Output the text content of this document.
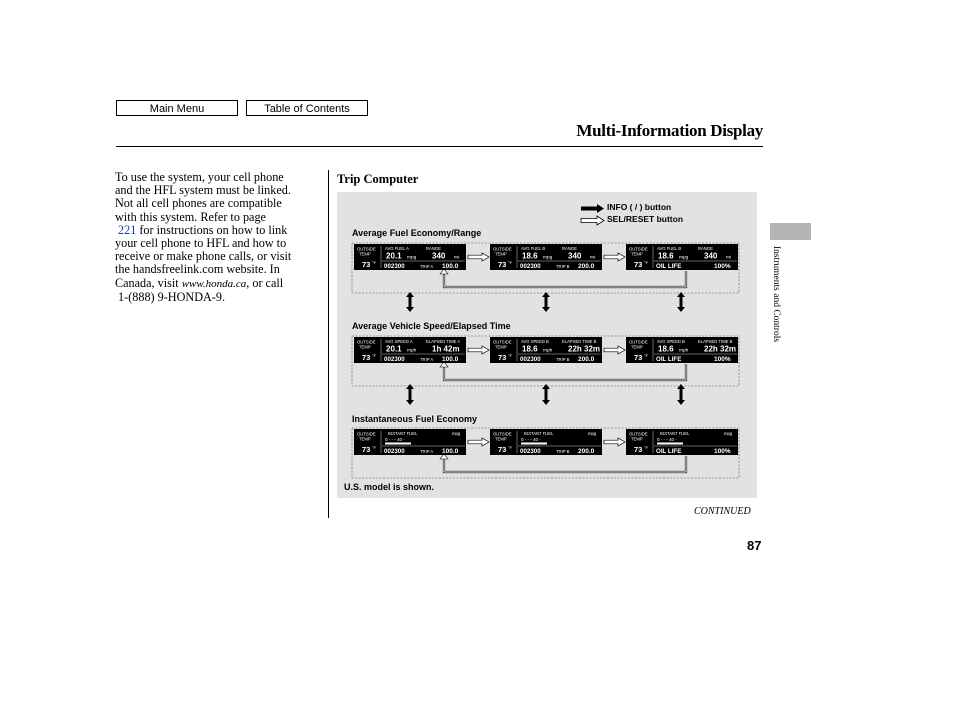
Main Menu	Table of Contents
Multi-Information Display
To use the system, your cell phone
and the HFL system must be linked.
Not all cell phones are compatible
with this system. Refer to page
221 for instructions on how to link
your cell phone to HFL and how to
receive or make phone calls, or visit
the handsfreelink.com website. In
Canada, visit www.honda.ca, or call
1-(888) 9-HONDA-9.
Trip Computer
INFO ( / ) button
SEL/RESET button
Average Fuel Economy/Range
Average Vehicle Speed/Elapsed Time
Instantaneous Fuel Economy
U.S. model is shown.
OUTSIDE
TEMP
73 °F
AVG FUEL A
20.1 mpg
RANGE
340 mi
002300	TRIP A 100.0
OUTSIDE
TEMP
73 °F
AVG FUEL B
18.6 mpg
RANGE
340 mi
002300	TRIP B 200.0
OUTSIDE
TEMP
73 °F
AVG FUEL B
18.6 mpg
RANGE
340 mi
OIL LIFE	100%
OUTSIDE
TEMP
73 °F
AVG SPEED A
20.1 mph
ELAPSED TIME A
1h 42m
002300	TRIP A 100.0
OUTSIDE
TEMP
73 °F
AVG SPEED B
18.6 mph
ELAPSED TIME B
22h 32m
002300	TRIP B 200.0
OUTSIDE
TEMP
73 °F
AVG SPEED B
18.6 mph
ELAPSED TIME B
22h 32m
OIL LIFE	100%
OUTSIDE
TEMP
73 °F
INSTANT FUEL	mpg
0 - - - 40 -
002300	TRIP A 100.0
OUTSIDE
TEMP
73 °F
INSTANT FUEL	mpg
0 - - - 40 -
002300	TRIP B 200.0
OUTSIDE
TEMP
73 °F
INSTANT FUEL	mpg
0 - - - 40 -
OIL LIFE	100%
Instruments and Controls
CONTINUED
87
